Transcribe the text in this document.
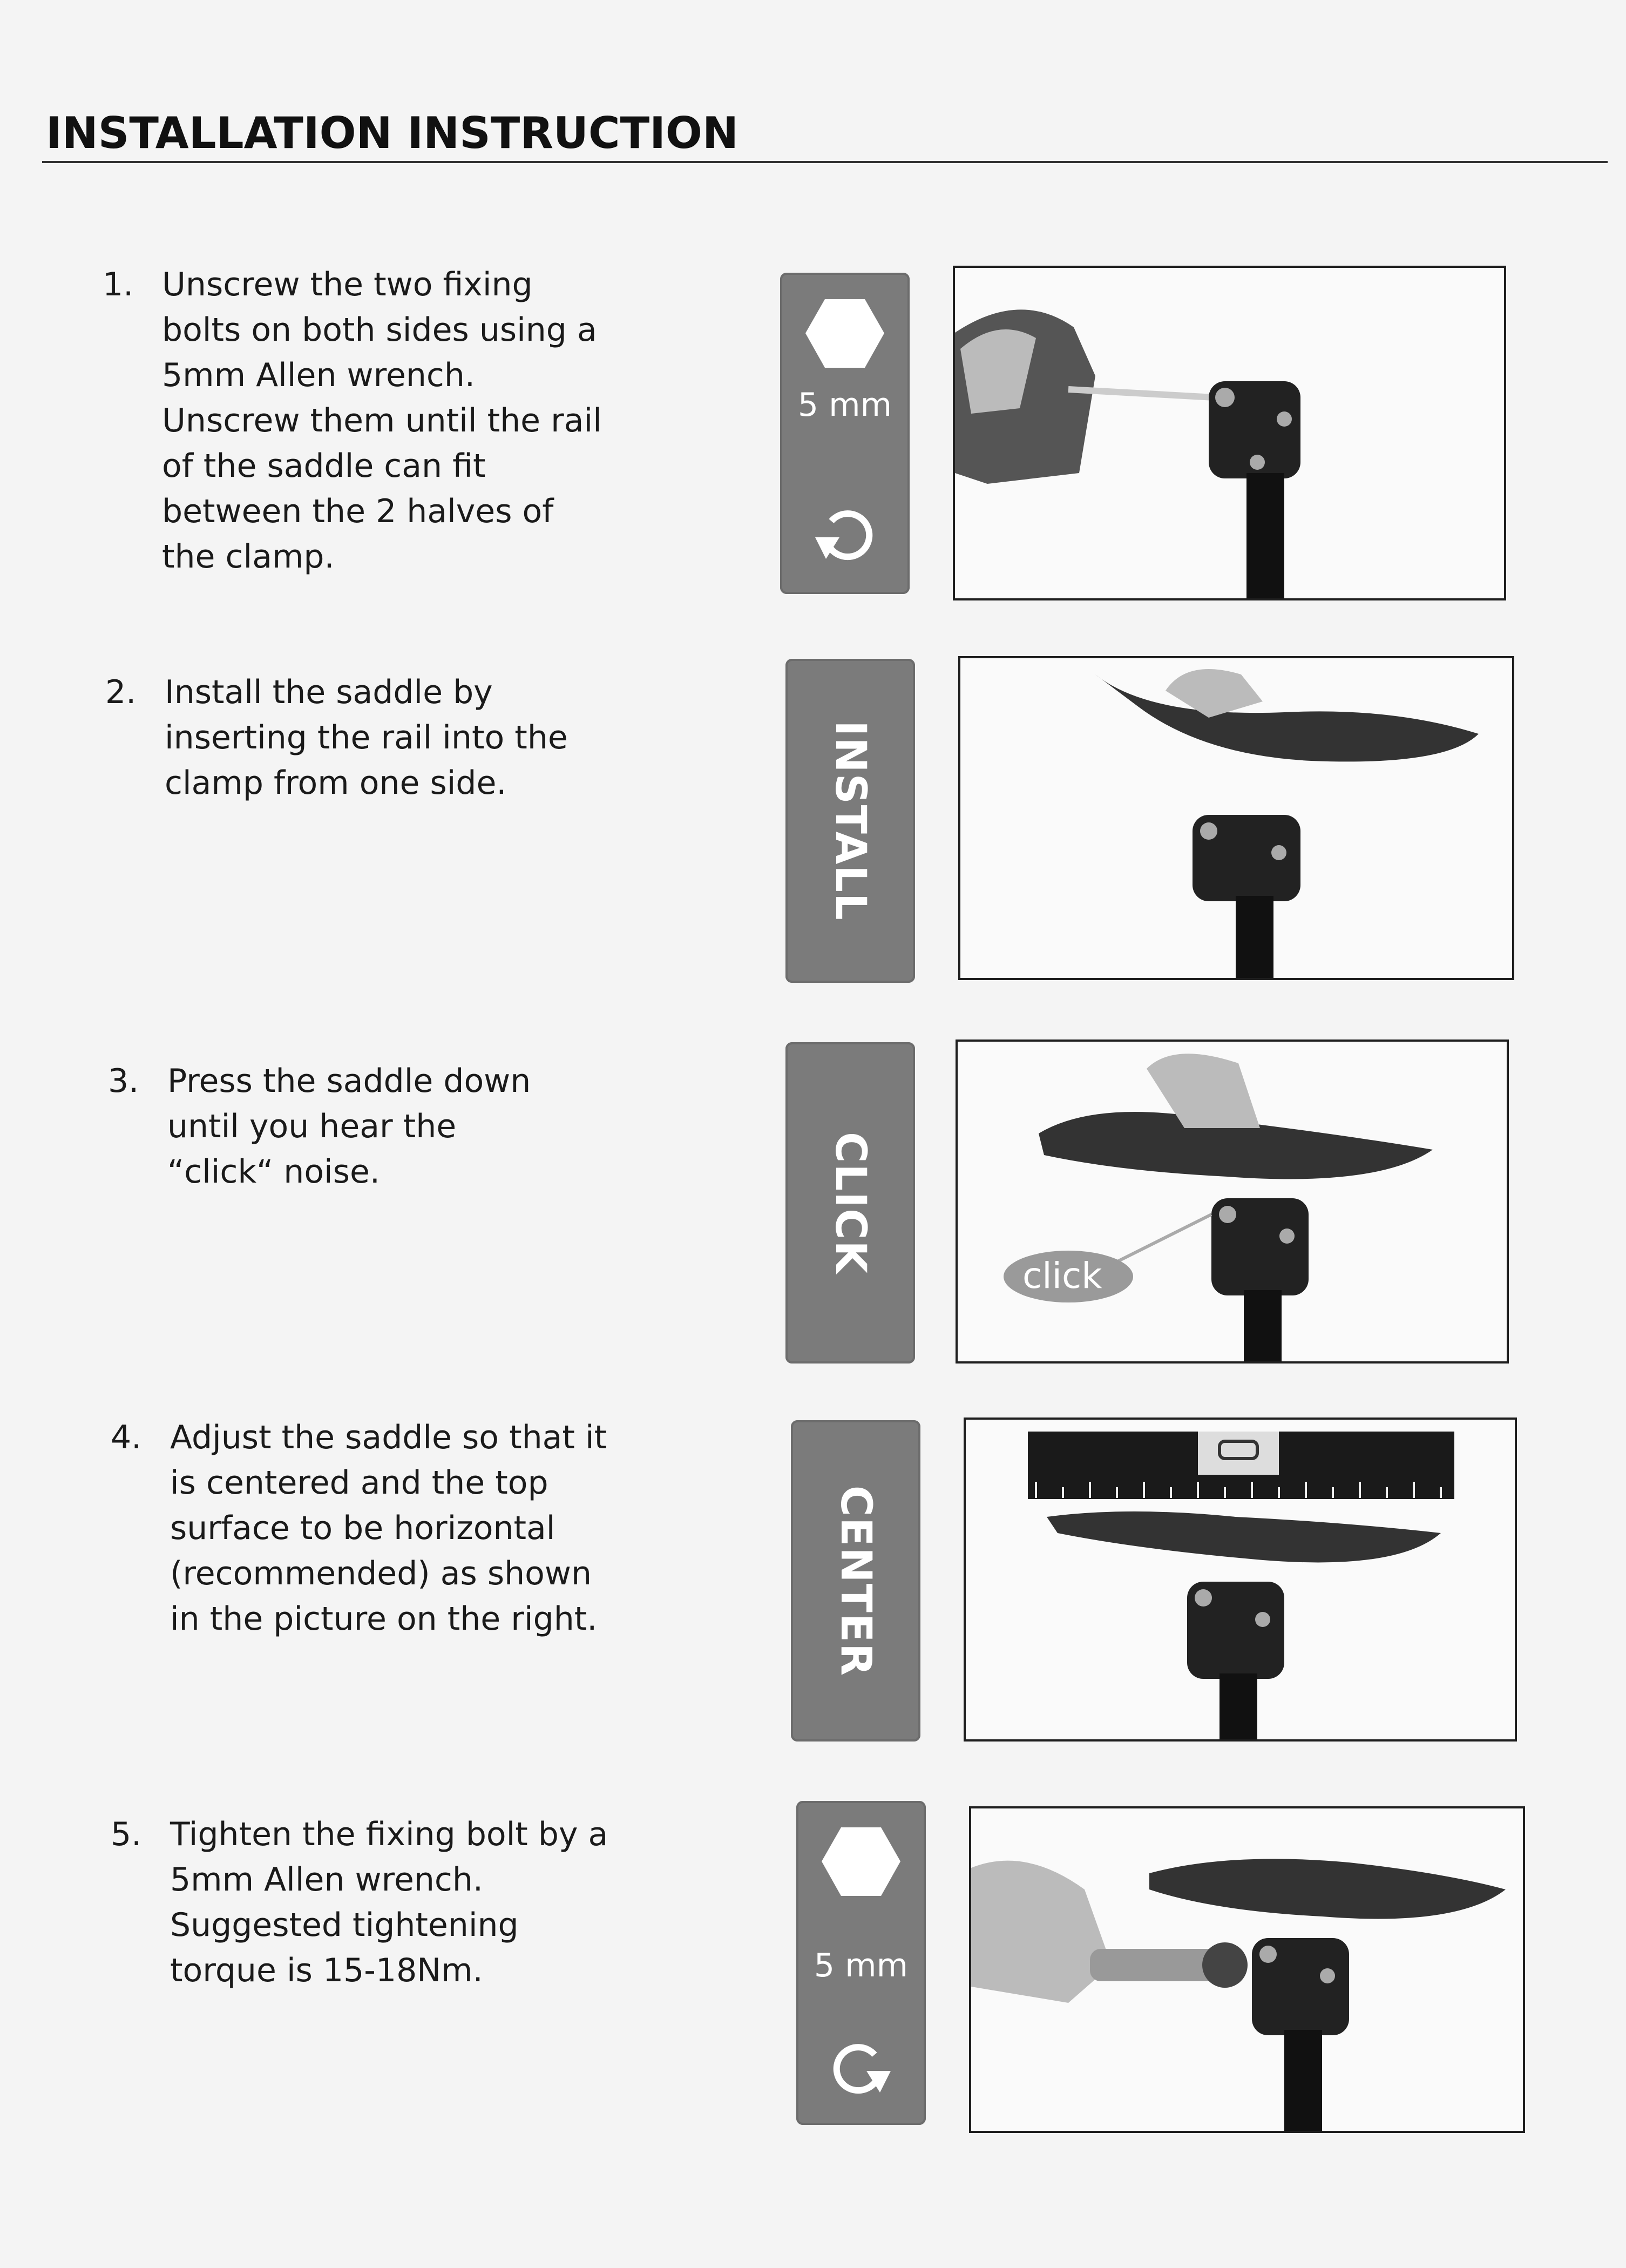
INSTALLATION INSTRUCTION
1. Unscrew the two fixing
bolts on both sides using a
5mm Allen wrench.
Unscrew them until the rail
of the saddle can fit
between the 2 halves of
the clamp.
5 mm
2. Install the saddle by
inserting the rail into the
clamp from one side.	INSTALL
3. Press the saddle down
until you hear the
“click“ noise.	CLICK
click
4. Adjust the saddle so that it
is centered and the top
surface to be horizontal
(recommended) as shown
in the picture on the right.	CENTER
5. Tighten the fixing bolt by a
5mm Allen wrench.
Suggested tightening
torque is 15-18Nm.	5 mm
